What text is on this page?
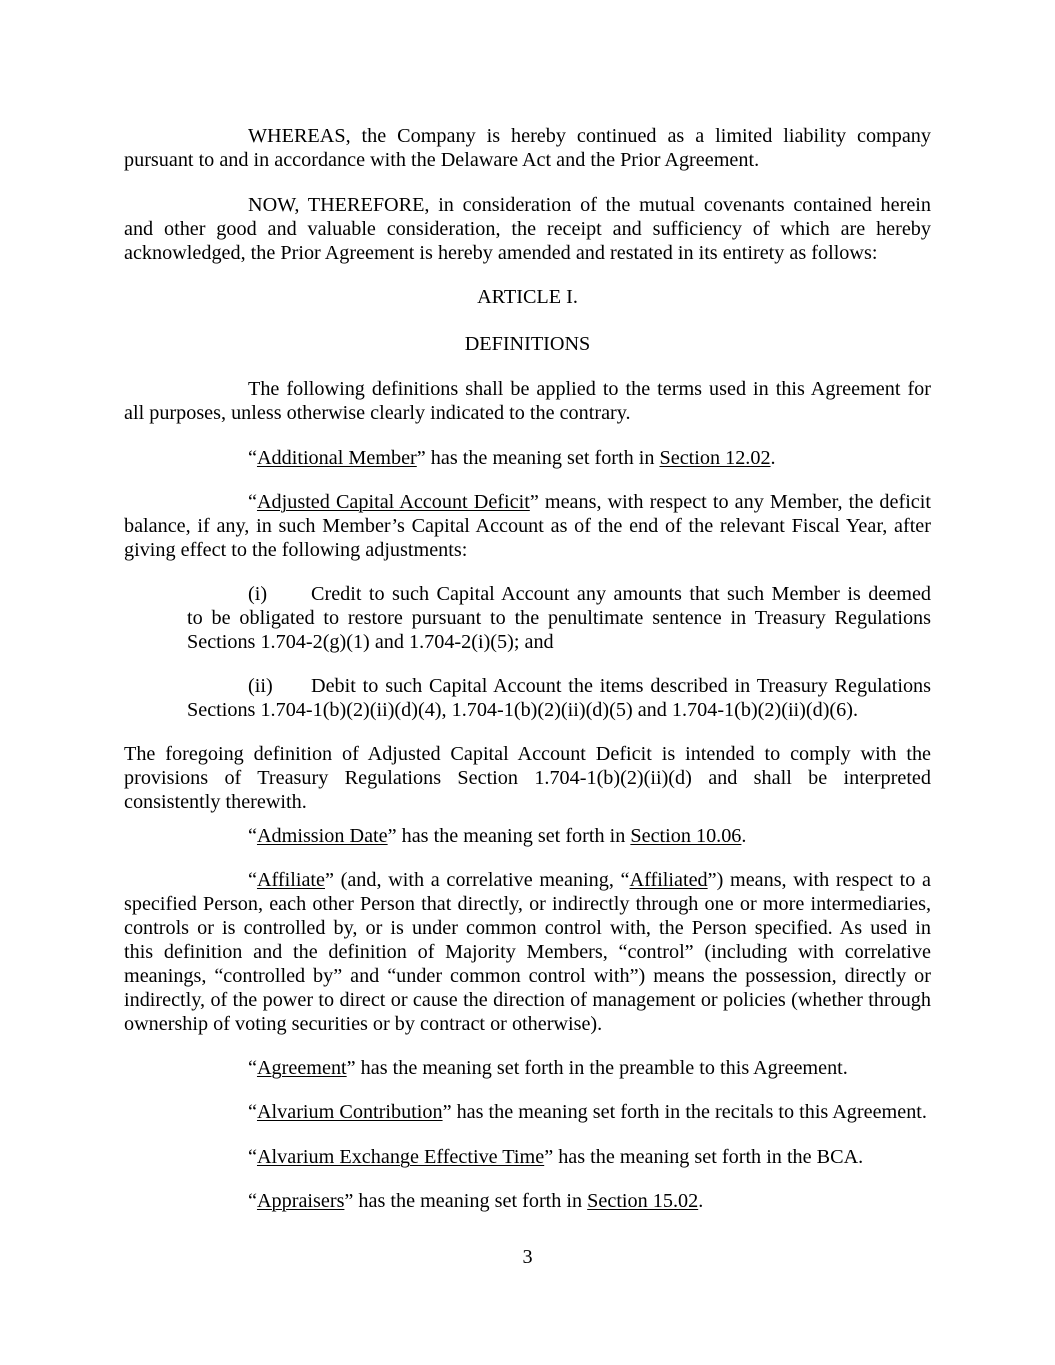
WHEREAS, the Company is hereby continued as a limited liability company
pursuant to and in accordance with the Delaware Act and the Prior Agreement.
NOW, THEREFORE, in consideration of the mutual covenants contained herein
and other good and valuable consideration, the receipt and sufficiency of which are hereby
acknowledged, the Prior Agreement is hereby amended and restated in its entirety as follows:
ARTICLE I.
DEFINITIONS
The following definitions shall be applied to the terms used in this Agreement for
all purposes, unless otherwise clearly indicated to the contrary.
“Additional Member” has the meaning set forth in Section 12.02.
“Adjusted Capital Account Deficit” means, with respect to any Member, the deficit
balance, if any, in such Member’s Capital Account as of the end of the relevant Fiscal Year, after
giving effect to the following adjustments:
(i) Credit to such Capital Account any amounts that such Member is deemed
to be obligated to restore pursuant to the penultimate sentence in Treasury Regulations
Sections 1.704-2(g)(1) and 1.704-2(i)(5); and
(ii) Debit to such Capital Account the items described in Treasury Regulations
Sections 1.704-1(b)(2)(ii)(d)(4), 1.704-1(b)(2)(ii)(d)(5) and 1.704-1(b)(2)(ii)(d)(6).
The foregoing definition of Adjusted Capital Account Deficit is intended to comply with the
provisions of Treasury Regulations Section 1.704-1(b)(2)(ii)(d) and shall be interpreted
consistently therewith.
“Admission Date” has the meaning set forth in Section 10.06.
“Affiliate” (and, with a correlative meaning, “Affiliated”) means, with respect to a
specified Person, each other Person that directly, or indirectly through one or more intermediaries,
controls or is controlled by, or is under common control with, the Person specified. As used in
this definition and the definition of Majority Members, “control” (including with correlative
meanings, “controlled by” and “under common control with”) means the possession, directly or
indirectly, of the power to direct or cause the direction of management or policies (whether through
ownership of voting securities or by contract or otherwise).
“Agreement” has the meaning set forth in the preamble to this Agreement.
“Alvarium Contribution” has the meaning set forth in the recitals to this Agreement.
“Alvarium Exchange Effective Time” has the meaning set forth in the BCA.
“Appraisers” has the meaning set forth in Section 15.02.
3
